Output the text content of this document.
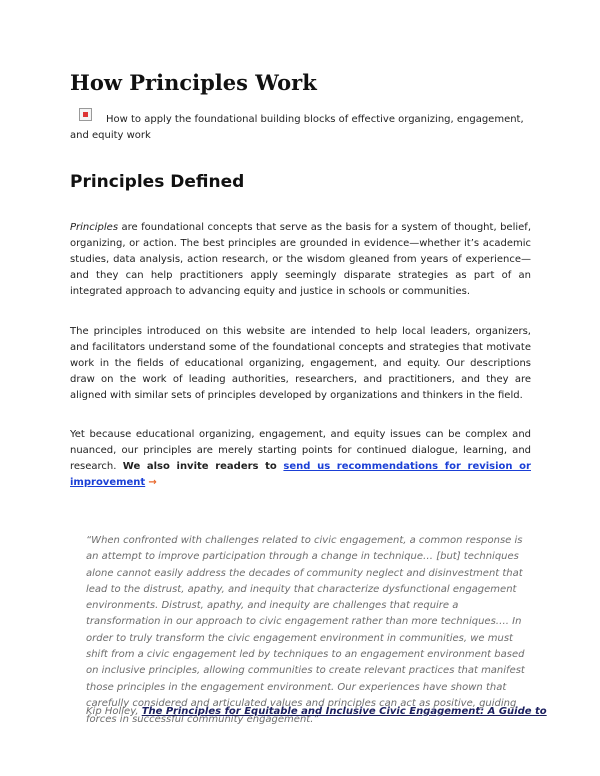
How Principles Work
How to apply the foundational building blocks of effective organizing, engagement, and equity work
Principles Defined

Principles are foundational concepts that serve as the basis for a system of thought, belief, organizing, or action. The best principles are grounded in evidence—whether it’s academic studies, data analysis, action research, or the wisdom gleaned from years of experience—and they can help practitioners apply seemingly disparate strategies as part of an integrated approach to advancing equity and justice in schools or communities.

The principles introduced on this website are intended to help local leaders, organizers, and facilitators understand some of the foundational concepts and strategies that motivate work in the fields of educational organizing, engagement, and equity. Our descriptions draw on the work of leading authorities, researchers, and practitioners, and they are aligned with similar sets of principles developed by organizations and thinkers in the field.

Yet because educational organizing, engagement, and equity issues can be complex and nuanced, our principles are merely starting points for continued dialogue, learning, and research. We also invite readers to send us recommendations for revision or improvement →

“When confronted with challenges related to civic engagement, a common response is an attempt to improve participation through a change in technique… [but] techniques alone cannot easily address the decades of community neglect and disinvestment that lead to the distrust, apathy, and inequity that characterize dysfunctional engagement environments. Distrust, apathy, and inequity are challenges that require a transformation in our approach to civic engagement rather than more techniques…. In order to truly transform the civic engagement environment in communities, we must shift from a civic engagement led by techniques to an engagement environment based on inclusive principles, allowing communities to create relevant practices that manifest those principles in the engagement environment. Our experiences have shown that carefully considered and articulated values and principles can act as positive, guiding forces in successful community engagement.”
Kip Holley, The Principles for Equitable and Inclusive Civic Engagement: A Guide to
